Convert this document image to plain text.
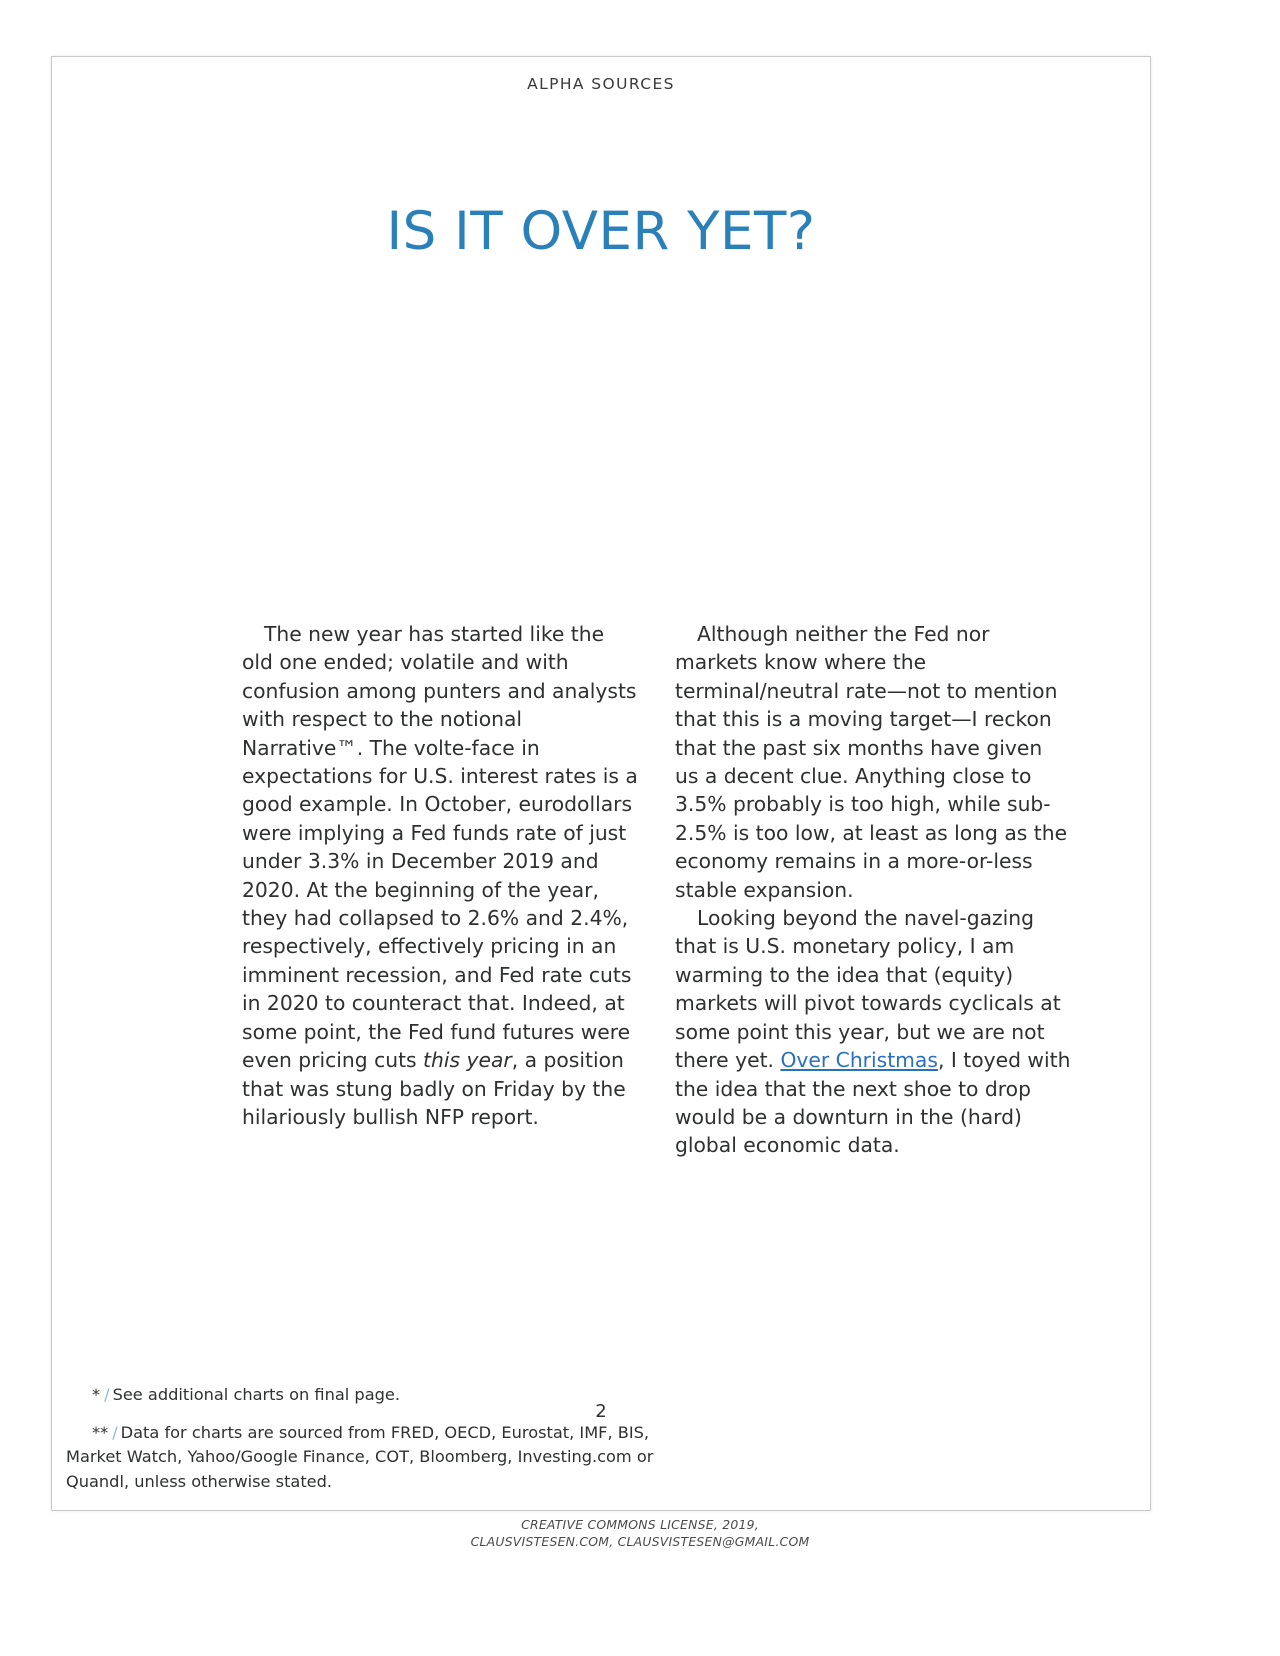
ALPHA SOURCES
IS IT OVER YET?

The new year has started like the old one ended; volatile and with confusion among punters and analysts with respect to the notional Narrative™. The volte-face in expectations for U.S. interest rates is a good example. In October, eurodollars were implying a Fed funds rate of just under 3.3% in December 2019 and 2020. At the beginning of the year, they had collapsed to 2.6% and 2.4%, respectively, effectively pricing in an imminent recession, and Fed rate cuts in 2020 to counteract that. Indeed, at some point, the Fed fund futures were even pricing cuts this year, a position that was stung badly on Friday by the hilariously bullish NFP report.

Although neither the Fed nor markets know where the terminal/neutral rate—not to mention that this is a moving target—I reckon that the past six months have given us a decent clue. Anything close to 3.5% probably is too high, while sub-2.5% is too low, at least as long as the economy remains in a more-or-less stable expansion.

Looking beyond the navel-gazing that is U.S. monetary policy, I am warming to the idea that (equity) markets will pivot towards cyclicals at some point this year, but we are not there yet. Over Christmas, I toyed with the idea that the next shoe to drop would be a downturn in the (hard) global economic data.

* / See additional charts on final page.

** / Data for charts are sourced from FRED, OECD, Eurostat, IMF, BIS, Market Watch, Yahoo/Google Finance, COT, Bloomberg, Investing.com or Quandl, unless otherwise stated.

2
CREATIVE COMMONS LICENSE, 2019,
CLAUSVISTESEN.COM, CLAUSVISTESEN@GMAIL.COM
